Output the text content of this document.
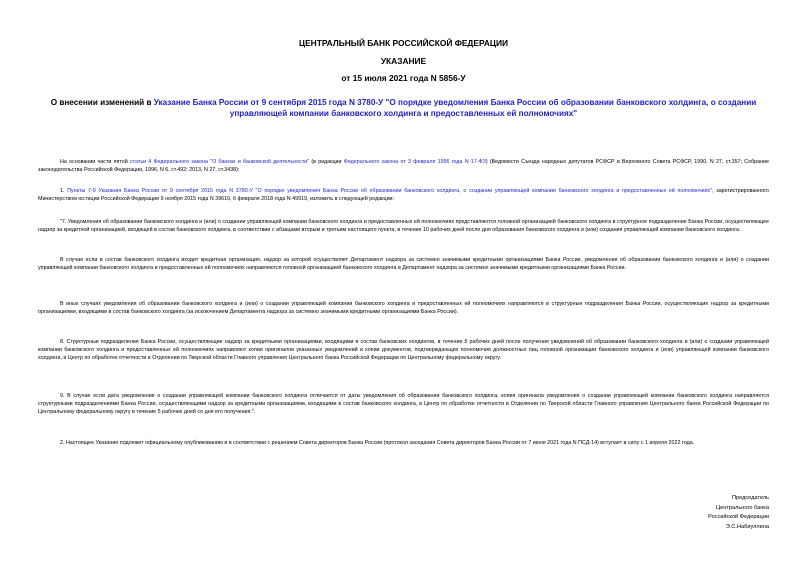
ЦЕНТРАЛЬНЫЙ БАНК РОССИЙСКОЙ ФЕДЕРАЦИИ
УКАЗАНИЕ
от 15 июля 2021 года N 5856-У
О внесении изменений в Указание Банка России от 9 сентября 2015 года N 3780-У "О порядке уведомления Банка России об образовании банковского холдинга, о создании управляющей компании банковского холдинга и предоставленных ей полномочиях"
На основании части пятой статьи 4 Федерального закона "О банках и банковской деятельности" (в редакции Федерального закона от 3 февраля 1996 года N 17-ФЗ) (Ведомости Съезда народных депутатов РСФСР и Верховного Совета РСФСР, 1990, N 27, ст.357; Собрание законодательства Российской Федерации, 1996, N 6, ст.492; 2013, N 27, ст.3438):
1. Пункты 7-9 Указания Банка России от 9 сентября 2015 года N 3780-У "О порядке уведомления Банка России об образовании банковского холдинга, о создании управляющей компании банковского холдинга и предоставленных ей полномочиях", зарегистрированного Министерством юстиции Российской Федерации 9 ноября 2015 года N 39616, 6 февраля 2018 года N 49919, изложить в следующей редакции:
"7. Уведомления об образовании банковского холдинга и (или) о создании управляющей компании банковского холдинга и предоставленных ей полномочиях представляются головной организацией банковского холдинга в структурное подразделение Банка России, осуществляющее надзор за кредитной организацией, входящей в состав банковского холдинга, в соответствии с абзацами вторым и третьим настоящего пункта, в течение 10 рабочих дней после дня образования банковского холдинга и (или) создания управляющей компании банковского холдинга.
В случае если в состав банковского холдинга входит кредитная организация, надзор за которой осуществляет Департамент надзора за системно значимыми кредитными организациями Банка России, уведомления об образовании банковского холдинга и (или) о создании управляющей компании банковского холдинга и предоставленных ей полномочиях направляются головной организацией банковского холдинга в Департамент надзора за системно значимыми кредитными организациями Банка России.
В иных случаях уведомления об образовании банковского холдинга и (или) о создании управляющей компании банковского холдинга и предоставленных ей полномочиях направляются в структурные подразделения Банка России, осуществляющие надзор за кредитными организациями, входящими в состав банковского холдинга (за исключением Департамента надзора за системно значимыми кредитными организациями Банка России).
8. Структурные подразделения Банка России, осуществляющие надзор за кредитными организациями, входящими в состав банковских холдингов, в течение 5 рабочих дней после получения уведомлений об образовании банковского холдинга и (или) о создании управляющей компании банковского холдинга и предоставленных ей полномочиях направляют копии оригиналов указанных уведомлений и копии документов, подтверждающих полномочия должностных лиц головной организации банковского холдинга и (или) управляющей компании банковского холдинга, в Центр по обработке отчетности в Отделении по Тверской области Главного управления Центрального банка Российской Федерации по Центральному федеральному округу.
9. В случае если дата уведомления о создании управляющей компании банковского холдинга отличается от даты уведомления об образовании банковского холдинга, копия оригинала уведомления о создании управляющей компании банковского холдинга направляется структурными подразделениями Банка России, осуществляющими надзор за кредитными организациями, входящими в состав банковского холдинга, в Центр по обработке отчетности в Отделении по Тверской области Главного управления Центрального банка Российской Федерации по Центральному федеральному округу в течение 5 рабочих дней со дня его получения.".
2. Настоящее Указание подлежит официальному опубликованию и в соответствии с решением Совета директоров Банка России (протокол заседания Совета директоров Банка России от 7 июля 2021 года N ПСД-14) вступает в силу с 1 апреля 2022 года.
Председатель
Центрального банка
Российской Федерации
Э.С.Набиуллина
